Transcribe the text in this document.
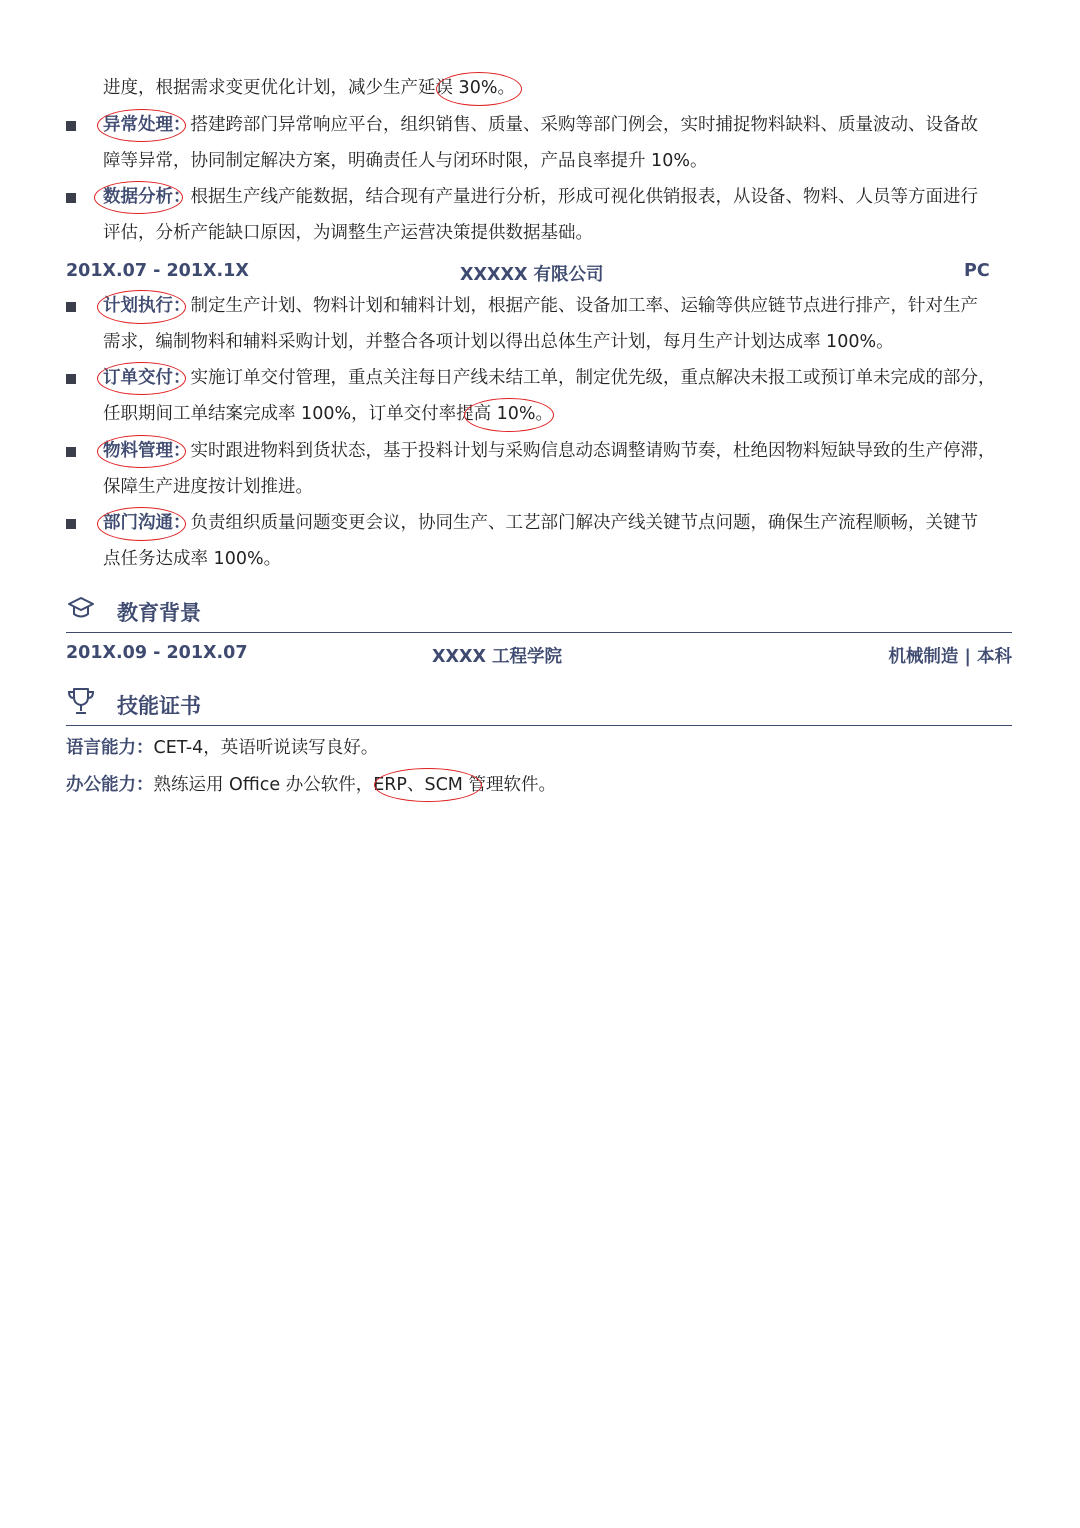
进度，根据需求变更优化计划，减少生产延误 30%。
异常处理：搭建跨部门异常响应平台，组织销售、质量、采购等部门例会，实时捕捉物料缺料、质量波动、设备故
障等异常，协同制定解决方案，明确责任人与闭环时限，产品良率提升 10%。
数据分析：根据生产线产能数据，结合现有产量进行分析，形成可视化供销报表，从设备、物料、人员等方面进行
评估，分析产能缺口原因，为调整生产运营决策提供数据基础。
201X.07 - 201X.1X	XXXXX 有限公司	PC
计划执行：制定生产计划、物料计划和辅料计划，根据产能、设备加工率、运输等供应链节点进行排产，针对生产
需求，编制物料和辅料采购计划，并整合各项计划以得出总体生产计划，每月生产计划达成率 100%。
订单交付：实施订单交付管理，重点关注每日产线未结工单，制定优先级，重点解决未报工或预订单未完成的部分，
任职期间工单结案完成率 100%，订单交付率提高 10%。
物料管理：实时跟进物料到货状态，基于投料计划与采购信息动态调整请购节奏，杜绝因物料短缺导致的生产停滞，
保障生产进度按计划推进。
部门沟通：负责组织质量问题变更会议，协同生产、工艺部门解决产线关键节点问题，确保生产流程顺畅，关键节
点任务达成率 100%。
教育背景
201X.09 - 201X.07	XXXX 工程学院	机械制造 | 本科
技能证书
语言能力：CET-4，英语听说读写良好。
办公能力：熟练运用 Office 办公软件，ERP、SCM 管理软件。
